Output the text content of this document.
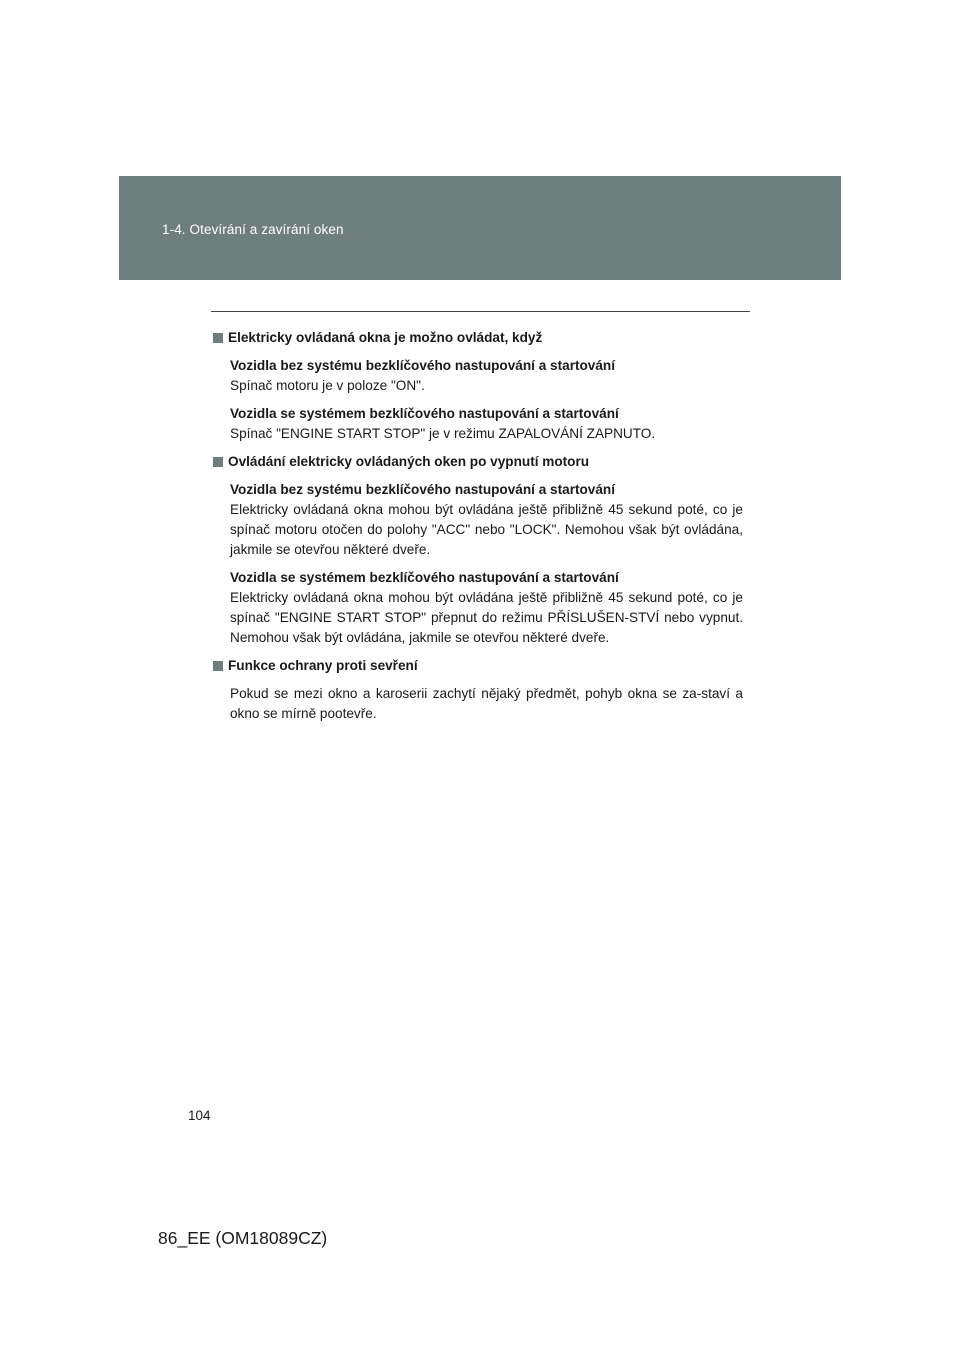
1-4. Otevírání a zavírání oken
Elektricky ovládaná okna je možno ovládat, když
Vozidla bez systému bezklíčového nastupování a startování
Spínač motoru je v poloze "ON".
Vozidla se systémem bezklíčového nastupování a startování
Spínač "ENGINE START STOP" je v režimu ZAPALOVÁNÍ ZAPNUTO.
Ovládání elektricky ovládaných oken po vypnutí motoru
Vozidla bez systému bezklíčového nastupování a startování
Elektricky ovládaná okna mohou být ovládána ještě přibližně 45 sekund poté, co je spínač motoru otočen do polohy "ACC" nebo "LOCK". Nemohou však být ovládána, jakmile se otevřou některé dveře.
Vozidla se systémem bezklíčového nastupování a startování
Elektricky ovládaná okna mohou být ovládána ještě přibližně 45 sekund poté, co je spínač "ENGINE START STOP" přepnut do režimu PŘÍSLUŠEN-STVÍ nebo vypnut. Nemohou však být ovládána, jakmile se otevřou některé dveře.
Funkce ochrany proti sevření
Pokud se mezi okno a karoserii zachytí nějaký předmět, pohyb okna se za-staví a okno se mírně pootevře.
104
86_EE (OM18089CZ)
